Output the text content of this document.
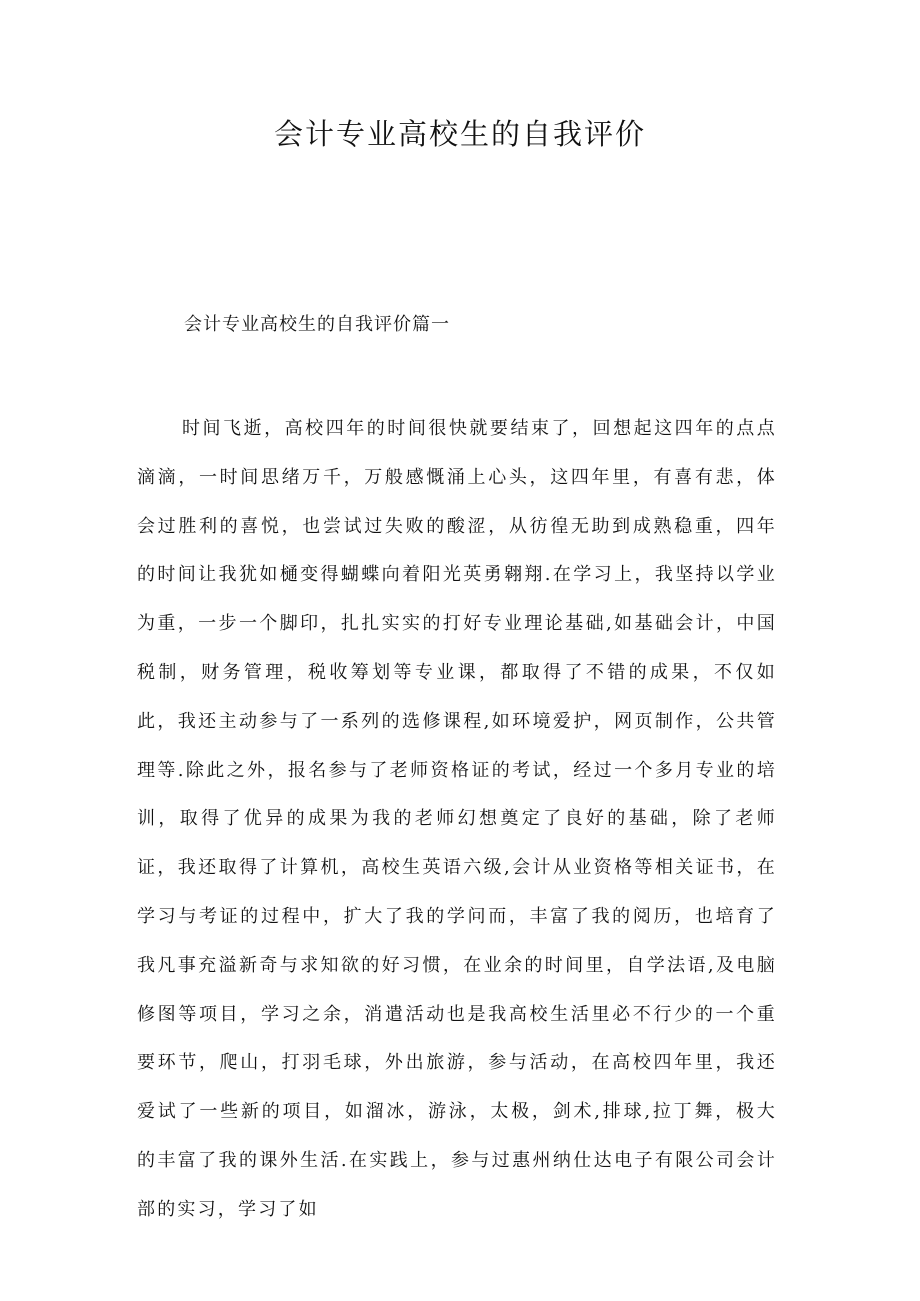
会计专业高校生的自我评价
会计专业高校生的自我评价篇一

时间飞逝，高校四年的时间很快就要结束了，回想起这四年的点点滴滴，一时间思绪万千，万般感慨涌上心头，这四年里，有喜有悲，体会过胜利的喜悦，也尝试过失败的酸涩，从彷徨无助到成熟稳重，四年的时间让我犹如樋变得蝴蝶向着阳光英勇翱翔.在学习上，我坚持以学业为重，一步一个脚印，扎扎实实的打好专业理论基础,如基础会计，中国税制，财务管理，税收筹划等专业课，都取得了不错的成果，不仅如此，我还主动参与了一系列的选修课程,如环境爱护，网页制作，公共管理等.除此之外，报名参与了老师资格证的考试，经过一个多月专业的培训，取得了优异的成果为我的老师幻想奠定了良好的基础，除了老师证，我还取得了计算机，高校生英语六级,会计从业资格等相关证书，在学习与考证的过程中，扩大了我的学问而，丰富了我的阅历，也培育了我凡事充溢新奇与求知欲的好习惯，在业余的时间里，自学法语,及电脑修图等项目，学习之余，消遣活动也是我高校生活里必不行少的一个重要环节，爬山，打羽毛球，外出旅游，参与活动，在高校四年里，我还爱试了一些新的项目，如溜冰，游泳，太极，剑术,排球,拉丁舞，极大的丰富了我的课外生活.在实践上，参与过惠州纳仕达电子有限公司会计部的实习，学习了如
